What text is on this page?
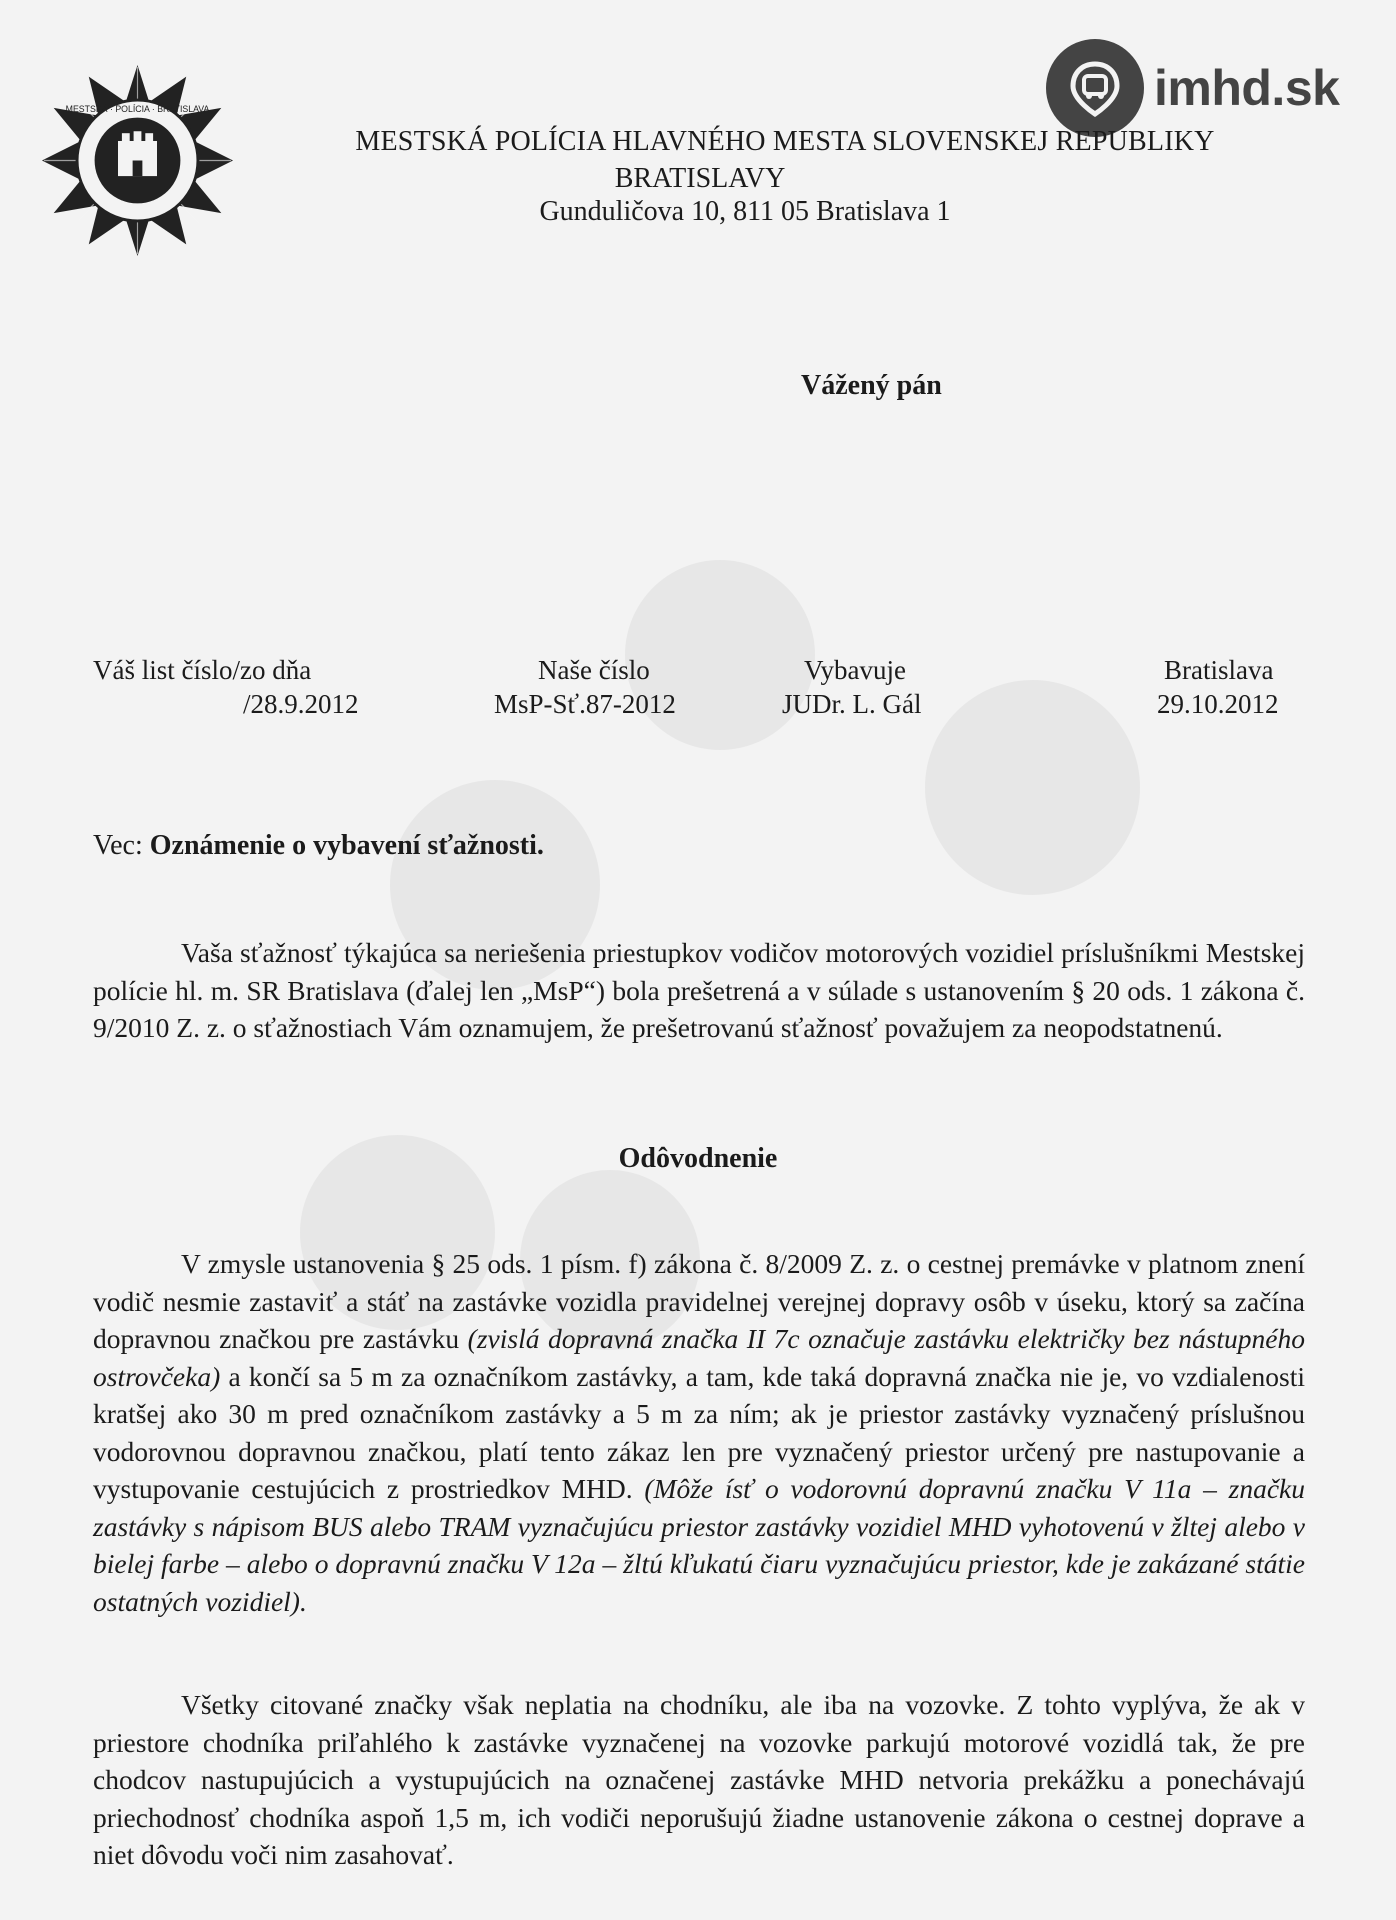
MESTSKÁ · POLÍCIA · BRATISLAVA	imhd.sk
MESTSKÁ POLÍCIA HLAVNÉHO MESTA SLOVENSKEJ REPUBLIKY
BRATISLAVY
Gunduličova 10, 811 05 Bratislava 1
Vážený pán
Váš list číslo/zo dňa
/28.9.2012
Naše číslo
MsP-Sť.87-2012
Vybavuje
JUDr. L. Gál
Bratislava
29.10.2012
Vec: Oznámenie o vybavení sťažnosti.
Vaša sťažnosť týkajúca sa neriešenia priestupkov vodičov motorových vozidiel príslušníkmi Mestskej polície hl. m. SR Bratislava (ďalej len „MsP“) bola prešetrená a v súlade s ustanovením § 20 ods. 1 zákona č. 9/2010 Z. z. o sťažnostiach Vám oznamujem, že prešetrovanú sťažnosť považujem za neopodstatnenú.
Odôvodnenie
V zmysle ustanovenia § 25 ods. 1 písm. f) zákona č. 8/2009 Z. z. o cestnej premávke v platnom znení vodič nesmie zastaviť a stáť na zastávke vozidla pravidelnej verejnej dopravy osôb v úseku, ktorý sa začína dopravnou značkou pre zastávku (zvislá dopravná značka II 7c označuje zastávku električky bez nástupného ostrovčeka) a končí sa 5 m za označníkom zastávky, a tam, kde taká dopravná značka nie je, vo vzdialenosti kratšej ako 30 m pred označníkom zastávky a 5 m za ním; ak je priestor zastávky vyznačený príslušnou vodorovnou dopravnou značkou, platí tento zákaz len pre vyznačený priestor určený pre nastupovanie a vystupovanie cestujúcich z prostriedkov MHD. (Môže ísť o vodorovnú dopravnú značku V 11a – značku zastávky s nápisom BUS alebo TRAM vyznačujúcu priestor zastávky vozidiel MHD vyhotovenú v žltej alebo v bielej farbe – alebo o dopravnú značku V 12a – žltú kľukatú čiaru vyznačujúcu priestor, kde je zakázané státie ostatných vozidiel).
Všetky citované značky však neplatia na chodníku, ale iba na vozovke. Z tohto vyplýva, že ak v priestore chodníka priľahlého k zastávke vyznačenej na vozovke parkujú motorové vozidlá tak, že pre chodcov nastupujúcich a vystupujúcich na označenej zastávke MHD netvoria prekážku a ponechávajú priechodnosť chodníka aspoň 1,5 m, ich vodiči neporušujú žiadne ustanovenie zákona o cestnej doprave a niet dôvodu voči nim zasahovať.
